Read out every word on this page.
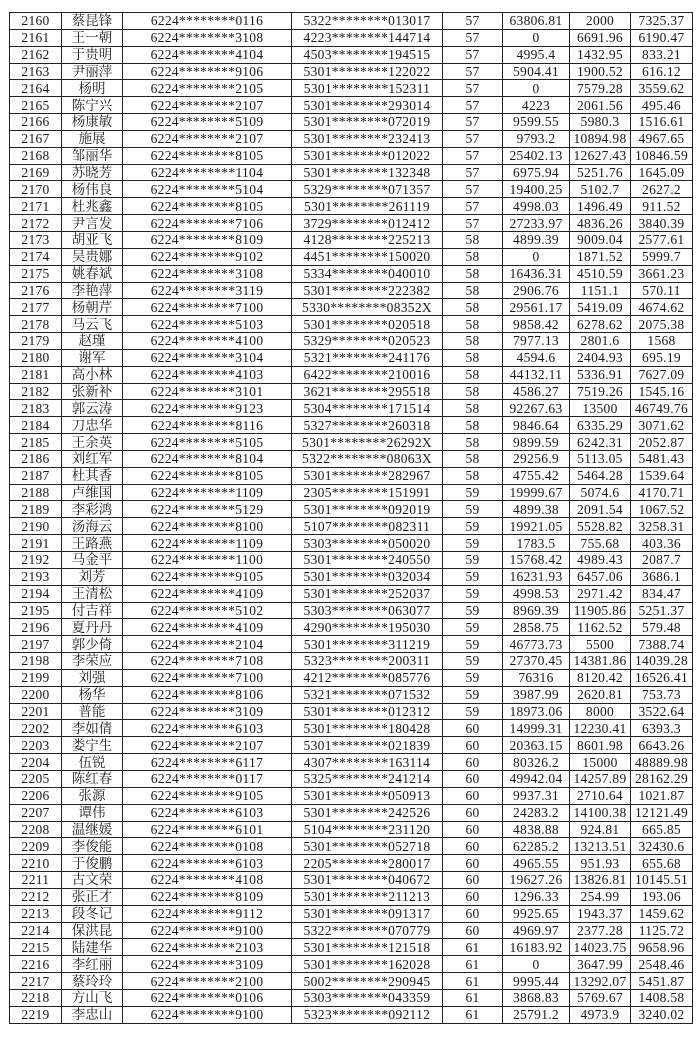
2160	蔡昆锋	6224********0116	5322********013017	57	63806.81	2000	7325.37
2161	王一朝	6224********3108	4223********144714	57	0	6691.96	6190.47
2162	于贵明	6224********4104	4503********194515	57	4995.4	1432.95	833.21
2163	尹丽萍	6224********9106	5301********122022	57	5904.41	1900.52	616.12
2164	杨明	6224********2105	5301********152311	57	0	7579.28	3559.62
2165	陈宁兴	6224********2107	5301********293014	57	4223	2061.56	495.46
2166	杨康敏	6224********5109	5301********072019	57	9599.55	5980.3	1516.61
2167	施展	6224********2107	5301********232413	57	9793.2	10894.98	4967.65
2168	邹丽华	6224********8105	5301********012022	57	25402.13	12627.43	10846.59
2169	苏晓芳	6224********1104	5301********132348	57	6975.94	5251.76	1645.09
2170	杨伟良	6224********5104	5329********071357	57	19400.25	5102.7	2627.2
2171	杜兆鑫	6224********8105	5301********261119	57	4998.03	1496.49	911.52
2172	尹言发	6224********7106	3729********012412	57	27233.97	4836.26	3840.39
2173	胡亚飞	6224********8109	4128********225213	58	4899.39	9009.04	2577.61
2174	吴贵娜	6224********9102	4451********150020	58	0	1871.52	5999.7
2175	姚春斌	6224********3108	5334********040010	58	16436.31	4510.59	3661.23
2176	李艳萍	6224********3119	5301********222382	58	2906.76	1151.1	570.11
2177	杨朝芹	6224********7100	5330********08352X	58	29561.17	5419.09	4674.62
2178	马云飞	6224********5103	5301********020518	58	9858.42	6278.62	2075.38
2179	赵瑾	6224********4100	5329********020523	58	7977.13	2801.6	1568
2180	谢军	6224********3104	5321********241176	58	4594.6	2404.93	695.19
2181	高小林	6224********4103	6422********210016	58	44132.11	5336.91	7627.09
2182	张新补	6224********3101	3621********295518	58	4586.27	7519.26	1545.16
2183	郭云涛	6224********9123	5304********171514	58	92267.63	13500	46749.76
2184	刀忠华	6224********8116	5327********260318	58	9846.64	6335.29	3071.62
2185	王余英	6224********5105	5301********26292X	58	9899.59	6242.31	2052.87
2186	刘红军	6224********8104	5322********08063X	58	29256.9	5113.05	5481.43
2187	杜其香	6224********8105	5301********282967	58	4755.42	5464.28	1539.64
2188	卢维国	6224********1109	2305********151991	59	19999.67	5074.6	4170.71
2189	李彩鸿	6224********5129	5301********092019	59	4899.38	2091.54	1067.52
2190	汤海云	6224********8100	5107********082311	59	19921.05	5528.82	3258.31
2191	王路燕	6224********1109	5303********050020	59	1783.5	755.68	403.36
2192	马金平	6224********1100	5301********240550	59	15768.42	4989.43	2087.7
2193	刘芳	6224********9105	5301********032034	59	16231.93	6457.06	3686.1
2194	王清松	6224********4109	5301********252037	59	4998.53	2971.42	834.47
2195	付吉祥	6224********5102	5303********063077	59	8969.39	11905.86	5251.37
2196	夏丹丹	6224********4109	4290********195030	59	2858.75	1162.52	579.48
2197	郭少倚	6224********2104	5301********311219	59	46773.73	5500	7388.74
2198	李荣应	6224********7108	5323********200311	59	27370.45	14381.86	14039.28
2199	刘强	6224********7100	4212********085776	59	76316	8120.42	16526.41
2200	杨华	6224********8106	5321********071532	59	3987.99	2620.81	753.73
2201	普能	6224********3109	5301********012312	59	18973.06	8000	3522.64
2202	李如倩	6224********6103	5301********180428	60	14999.31	12230.41	6393.3
2203	娄宁生	6224********2107	5301********021839	60	20363.15	8601.98	6643.26
2204	伍锐	6224********6117	4307********163114	60	80326.2	15000	48889.98
2205	陈红春	6224********0117	5325********241214	60	49942.04	14257.89	28162.29
2206	张源	6224********9105	5301********050913	60	9937.31	2710.64	1021.87
2207	谭伟	6224********6103	5301********242526	60	24283.2	14100.38	12121.49
2208	温继媛	6224********6101	5104********231120	60	4838.88	924.81	665.85
2209	李俊能	6224********0108	5301********052718	60	62285.2	13213.51	32430.6
2210	于俊鹏	6224********6103	2205********280017	60	4965.55	951.93	655.68
2211	古文荣	6224********4108	5301********040672	60	19627.26	13826.81	10145.51
2212	张正才	6224********8109	5301********211213	60	1296.33	254.99	193.06
2213	段冬记	6224********9112	5301********091317	60	9925.65	1943.37	1459.62
2214	保洪昆	6224********9100	5322********070779	60	4969.97	2377.28	1125.72
2215	陆建华	6224********2103	5301********121518	61	16183.92	14023.75	9658.96
2216	李红丽	6224********3109	5301********162028	61	0	3647.99	2548.46
2217	蔡玲玲	6224********2100	5002********290945	61	9995.44	13292.07	5451.87
2218	方山飞	6224********0106	5303********043359	61	3868.83	5769.67	1408.58
2219	李忠山	6224********9100	5323********092112	61	25791.2	4973.9	3240.02
